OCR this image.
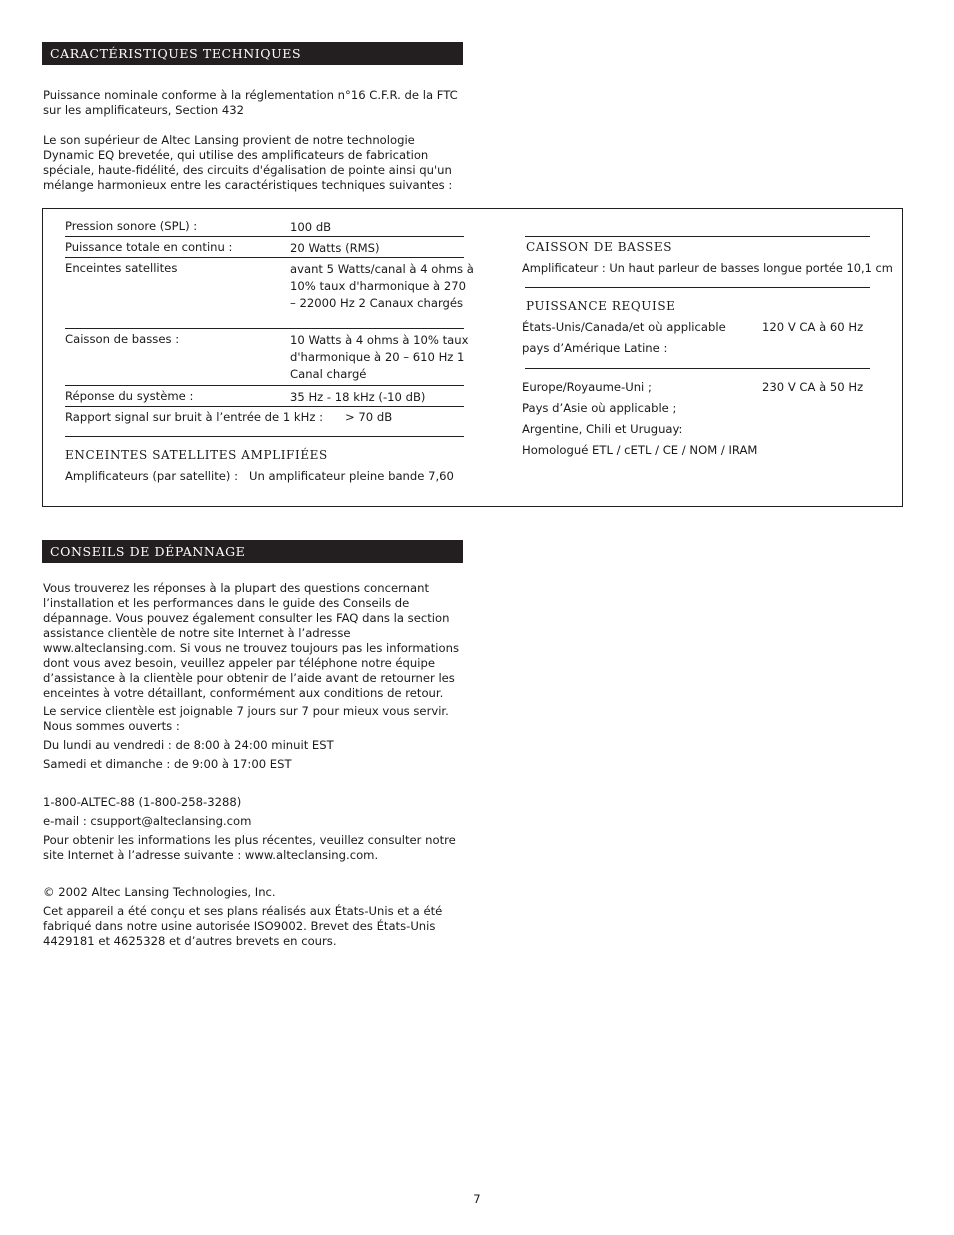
CARACTÉRISTIQUES TECHNIQUES

Puissance nominale conforme à la réglementation n°16 C.F.R. de la FTC sur les amplificateurs, Section 432

Le son supérieur de Altec Lansing provient de notre technologie Dynamic EQ brevetée, qui utilise des amplificateurs de fabrication spéciale, haute-fidélité, des circuits d'égalisation de pointe ainsi qu'un mélange harmonieux entre les caractéristiques techniques suivantes :

Pression sonore (SPL) :	100 dB
Puissance totale en continu :	20 Watts (RMS)
Enceintes satellites	avant 5 Watts/canal à 4 ohms à 10% taux d'harmonique à 270 – 22000 Hz 2 Canaux chargés
Caisson de basses :	10 Watts à 4 ohms à 10% taux d'harmonique à 20 – 610 Hz 1 Canal chargé
Réponse du système :	35 Hz - 18 kHz (-10 dB)
Rapport signal sur bruit à l’entrée de 1 kHz : > 70 dB
ENCEINTES SATELLITES AMPLIFIÉES
Amplificateurs (par satellite) : Un amplificateur pleine bande 7,60
CAISSON DE BASSES
Amplificateur : Un haut parleur de basses longue portée 10,1 cm
PUISSANCE REQUISE
États-Unis/Canada/et où applicable	120 V CA à 60 Hz
pays d’Amérique Latine :
Europe/Royaume-Uni ;	230 V CA à 50 Hz
Pays d’Asie où applicable ;
Argentine, Chili et Uruguay:
Homologué ETL / cETL / CE / NOM / IRAM
CONSEILS DE DÉPANNAGE

Vous trouverez les réponses à la plupart des questions concernant l’installation et les performances dans le guide des Conseils de dépannage. Vous pouvez également consulter les FAQ dans la section assistance clientèle de notre site Internet à l’adresse www.alteclansing.com. Si vous ne trouvez toujours pas les informations dont vous avez besoin, veuillez appeler par téléphone notre équipe d’assistance à la clientèle pour obtenir de l’aide avant de retourner les enceintes à votre détaillant, conformément aux conditions de retour.

Le service clientèle est joignable 7 jours sur 7 pour mieux vous servir. Nous sommes ouverts :

Du lundi au vendredi : de 8:00 à 24:00 minuit EST

Samedi et dimanche : de 9:00 à 17:00 EST

1-800-ALTEC-88 (1-800-258-3288)

e-mail : csupport@alteclansing.com

Pour obtenir les informations les plus récentes, veuillez consulter notre site Internet à l’adresse suivante : www.alteclansing.com.

© 2002 Altec Lansing Technologies, Inc.

Cet appareil a été conçu et ses plans réalisés aux États-Unis et a été fabriqué dans notre usine autorisée ISO9002. Brevet des États-Unis 4429181 et 4625328 et d’autres brevets en cours.

7
